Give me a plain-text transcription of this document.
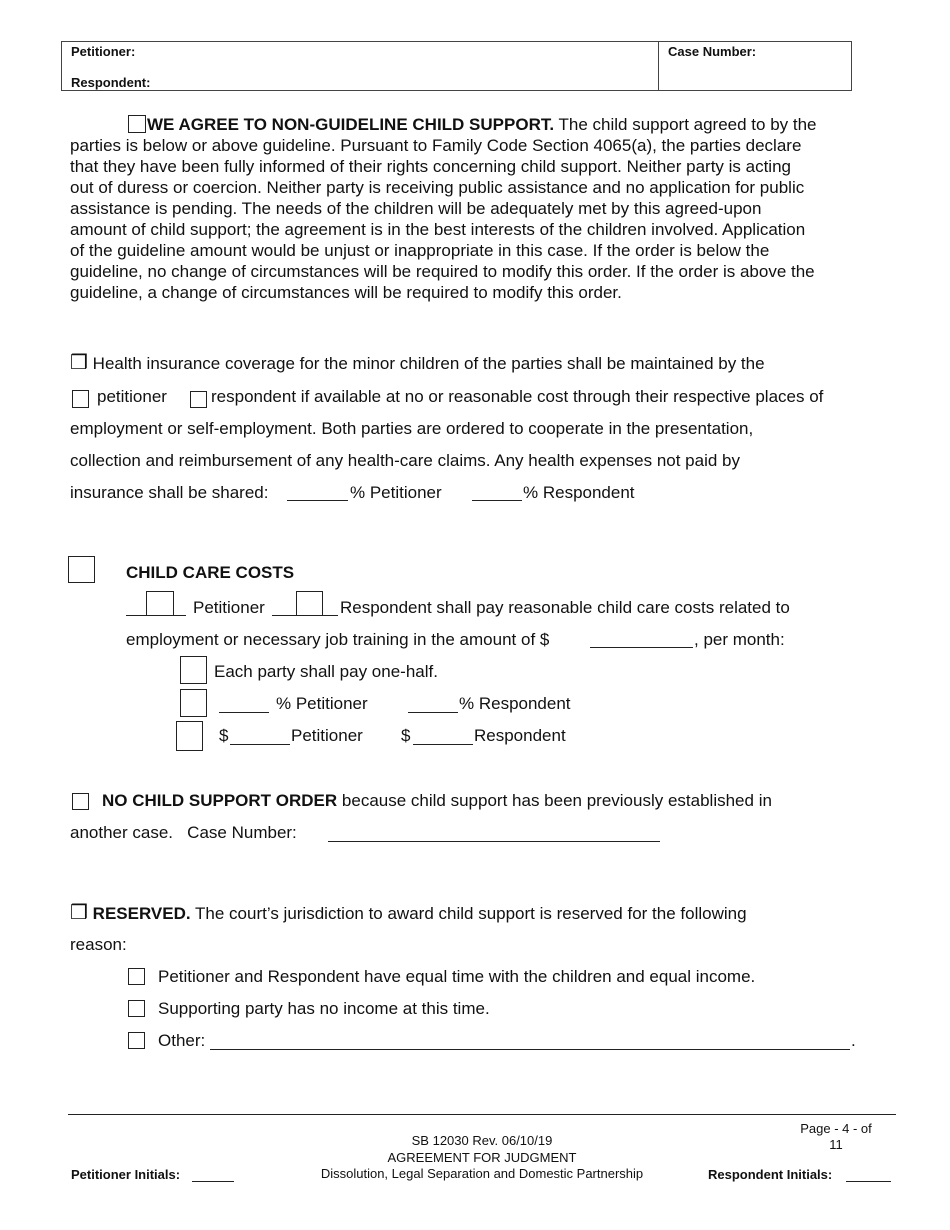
Petitioner:
Respondent:
Case Number:
WE AGREE TO NON-GUIDELINE CHILD SUPPORT. The child support agreed to by the
parties is below or above guideline. Pursuant to Family Code Section 4065(a), the parties declare
that they have been fully informed of their rights concerning child support. Neither party is acting
out of duress or coercion. Neither party is receiving public assistance and no application for public
assistance is pending. The needs of the children will be adequately met by this agreed-upon
amount of child support; the agreement is in the best interests of the children involved. Application
of the guideline amount would be unjust or inappropriate in this case. If the order is below the
guideline, no change of circumstances will be required to modify this order. If the order is above the
guideline, a change of circumstances will be required to modify this order.
❒ Health insurance coverage for the minor children of the parties shall be maintained by the
petitioner	respondent if available at no or reasonable cost through their respective places of
employment or self-employment. Both parties are ordered to cooperate in the presentation,
collection and reimbursement of any health-care claims. Any health expenses not paid by
insurance shall be shared:	% Petitioner	% Respondent
CHILD CARE COSTS
Petitioner	Respondent shall pay reasonable child care costs related to
employment or necessary job training in the amount of $	, per month:
Each party shall pay one-half.
% Petitioner	% Respondent
$	Petitioner $	Respondent
NO CHILD SUPPORT ORDER because child support has been previously established in
another case.   Case Number:
❒ RESERVED. The court’s jurisdiction to award child support is reserved for the following
reason:
Petitioner and Respondent have equal time with the children and equal income.
Supporting party has no income at this time.
Other:	.
Page - 4 - of
11
SB 12030 Rev. 06/10/19
AGREEMENT FOR JUDGMENT
Dissolution, Legal Separation and Domestic Partnership
Petitioner Initials:	Respondent Initials:
